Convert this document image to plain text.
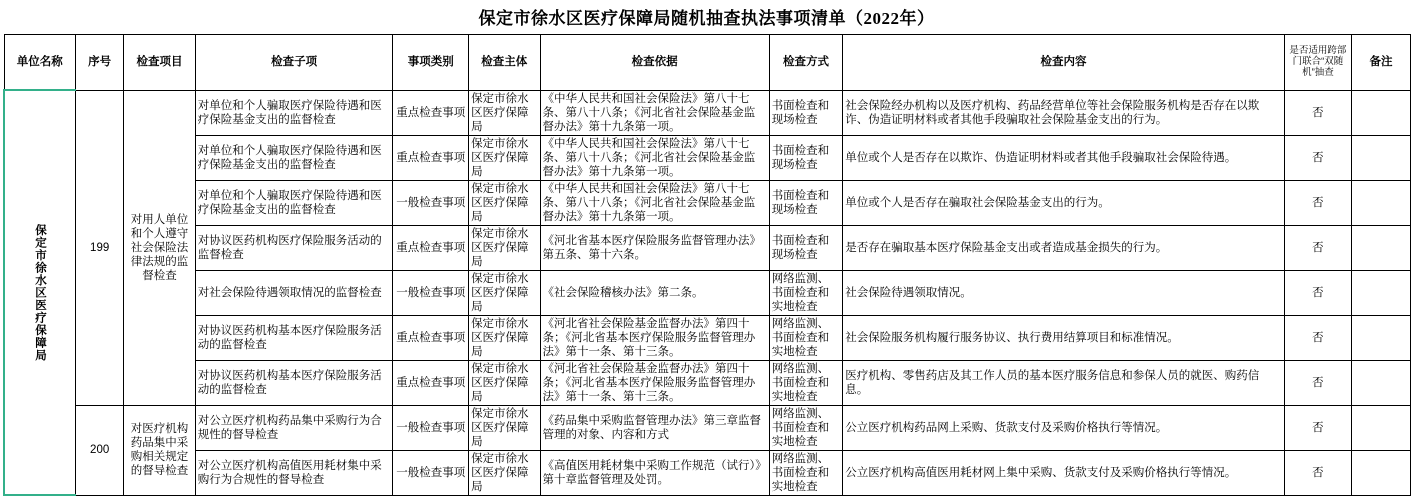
保定市徐水区医疗保障局随机抽查执法事项清单（2022年）
单位名称	序号	检查项目	检查子项	事项类别	检查主体	检查依据	检查方式	检查内容	是否适用跨部门联合“双随机”抽查	备注

保定市徐水区医疗保障局	199	对用人单位和个人遵守社会保险法律法规的监督检查	对单位和个人骗取医疗保险待遇和医疗保险基金支出的监督检查	重点检查事项	保定市徐水区医疗保障局	《中华人民共和国社会保险法》第八十七条、第八十八条；《河北省社会保险基金监督办法》第十九条第一项。	书面检查和现场检查	社会保险经办机构以及医疗机构、药品经营单位等社会保险服务机构是否存在以欺诈、伪造证明材料或者其他手段骗取社会保险基金支出的行为。	否	
			对单位和个人骗取医疗保险待遇和医疗保险基金支出的监督检查	重点检查事项	保定市徐水区医疗保障局	《中华人民共和国社会保险法》第八十七条、第八十八条；《河北省社会保险基金监督办法》第十九条第一项。	书面检查和现场检查	单位或个人是否存在以欺诈、伪造证明材料或者其他手段骗取社会保险待遇。	否	
			对单位和个人骗取医疗保险待遇和医疗保险基金支出的监督检查	一般检查事项	保定市徐水区医疗保障局	《中华人民共和国社会保险法》第八十七条、第八十八条；《河北省社会保险基金监督办法》第十九条第一项。	书面检查和现场检查	单位或个人是否存在骗取社会保险基金支出的行为。	否	
			对协议医药机构医疗保险服务活动的监督检查	重点检查事项	保定市徐水区医疗保障局	《河北省基本医疗保险服务监督管理办法》第五条、第十六条。	书面检查和现场检查	是否存在骗取基本医疗保险基金支出或者造成基金损失的行为。	否	
			对社会保险待遇领取情况的监督检查	一般检查事项	保定市徐水区医疗保障局	《社会保险稽核办法》第二条。	网络监测、书面检查和实地检查	社会保险待遇领取情况。	否	
			对协议医药机构基本医疗保险服务活动的监督检查	重点检查事项	保定市徐水区医疗保障局	《河北省社会保险基金监督办法》第四十条；《河北省基本医疗保险服务监督管理办法》第十一条、第十三条。	网络监测、书面检查和实地检查	社会保险服务机构履行服务协议、执行费用结算项目和标准情况。	否	
			对协议医药机构基本医疗保险服务活动的监督检查	重点检查事项	保定市徐水区医疗保障局	《河北省社会保险基金监督办法》第四十条；《河北省基本医疗保险服务监督管理办法》第十一条、第十三条。	网络监测、书面检查和实地检查	医疗机构、零售药店及其工作人员的基本医疗服务信息和参保人员的就医、购药信息。	否	
	200	对医疗机构药品集中采购相关规定的督导检查	对公立医疗机构药品集中采购行为合规性的督导检查	一般检查事项	保定市徐水区医疗保障局	《药品集中采购监督管理办法》第三章监督管理的对象、内容和方式	网络监测、书面检查和实地检查	公立医疗机构药品网上采购、货款支付及采购价格执行等情况。	否	
			对公立医疗机构高值医用耗材集中采购行为合规性的督导检查	一般检查事项	保定市徐水区医疗保障局	《高值医用耗材集中采购工作规范（试行）》第十章监督管理及处罚。	网络监测、书面检查和实地检查	公立医疗机构高值医用耗材网上集中采购、货款支付及采购价格执行等情况。	否	
